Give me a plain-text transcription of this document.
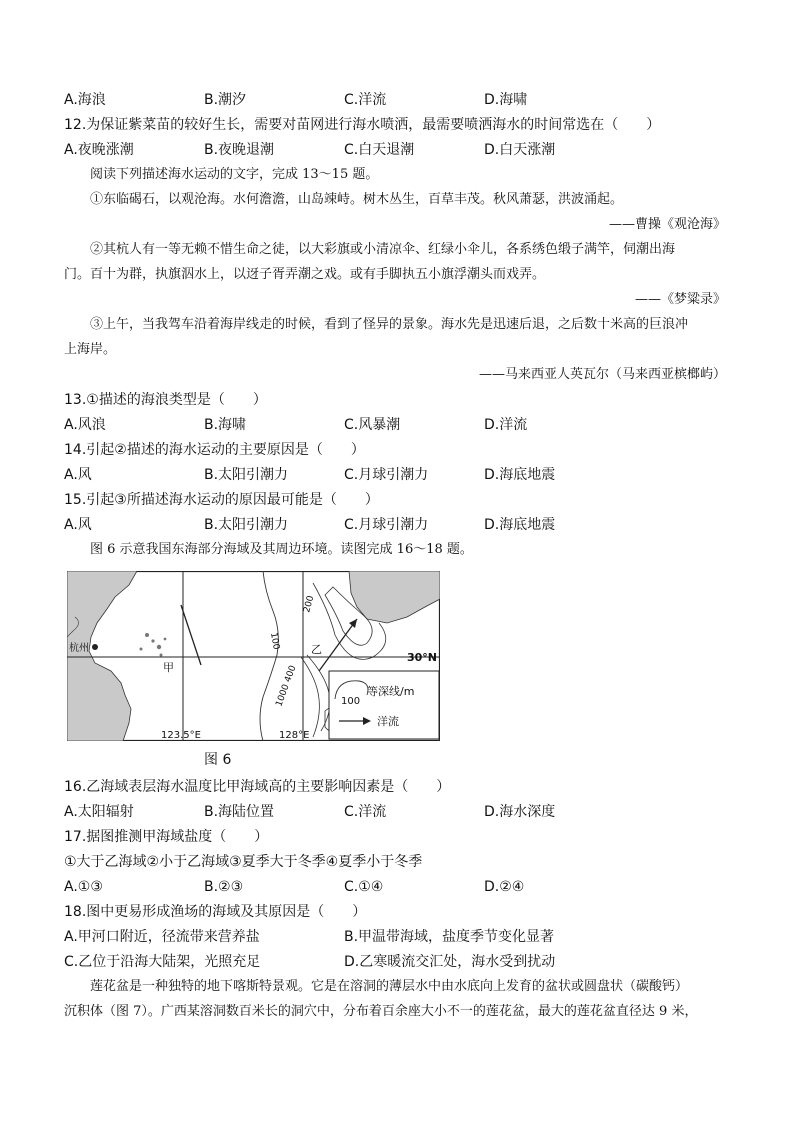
A.海浪	B.潮汐	C.洋流	D.海啸
12.为保证紫菜苗的较好生长，需要对苗网进行海水喷洒，最需要喷洒海水的时间常选在（　　）
A.夜晚涨潮	B.夜晚退潮	C.白天退潮	D.白天涨潮
阅读下列描述海水运动的文字，完成 13～15 题。
①东临碣石，以观沧海。水何澹澹，山岛竦峙。树木丛生，百草丰茂。秋风萧瑟，洪波涌起。
——曹操《观沧海》
②其杭人有一等无赖不惜生命之徒，以大彩旗或小清凉伞、红绿小伞儿，各系绣色缎子满竿，伺潮出海
门。百十为群，执旗泅水上，以迓子胥弄潮之戏。或有手脚执五小旗浮潮头而戏弄。
——《梦粱录》
③上午，当我驾车沿着海岸线走的时候，看到了怪异的景象。海水先是迅速后退，之后数十米高的巨浪冲
上海岸。
——马来西亚人英瓦尔（马来西亚槟榔屿）
13.①描述的海浪类型是（　　）
A.风浪	B.海啸	C.风暴潮	D.洋流
14.引起②描述的海水运动的主要原因是（　　）
A.风	B.太阳引潮力	C.月球引潮力	D.海底地震
15.引起③所描述海水运动的原因最可能是（　　）
A.风	B.太阳引潮力	C.月球引潮力	D.海底地震
图 6 示意我国东海部分海域及其周边环境。读图完成 16～18 题。
杭州
甲
乙
30°N
123.5°E	128°E
100
200
1000 400	100
等深线/m
洋流
图 6
16.乙海域表层海水温度比甲海域高的主要影响因素是（　　）
A.太阳辐射	B.海陆位置	C.洋流	D.海水深度
17.据图推测甲海域盐度（　　）
①大于乙海域②小于乙海域③夏季大于冬季④夏季小于冬季
A.①③	B.②③	C.①④	D.②④
18.图中更易形成渔场的海域及其原因是（　　）
A.甲河口附近，径流带来营养盐	B.甲温带海域，盐度季节变化显著
C.乙位于沿海大陆架，光照充足	D.乙寒暖流交汇处，海水受到扰动
莲花盆是一种独特的地下喀斯特景观。它是在溶洞的薄层水中由水底向上发育的盆状或圆盘状（碳酸钙）
沉积体（图 7）。广西某溶洞数百米长的洞穴中，分布着百余座大小不一的莲花盆，最大的莲花盆直径达 9 米，
